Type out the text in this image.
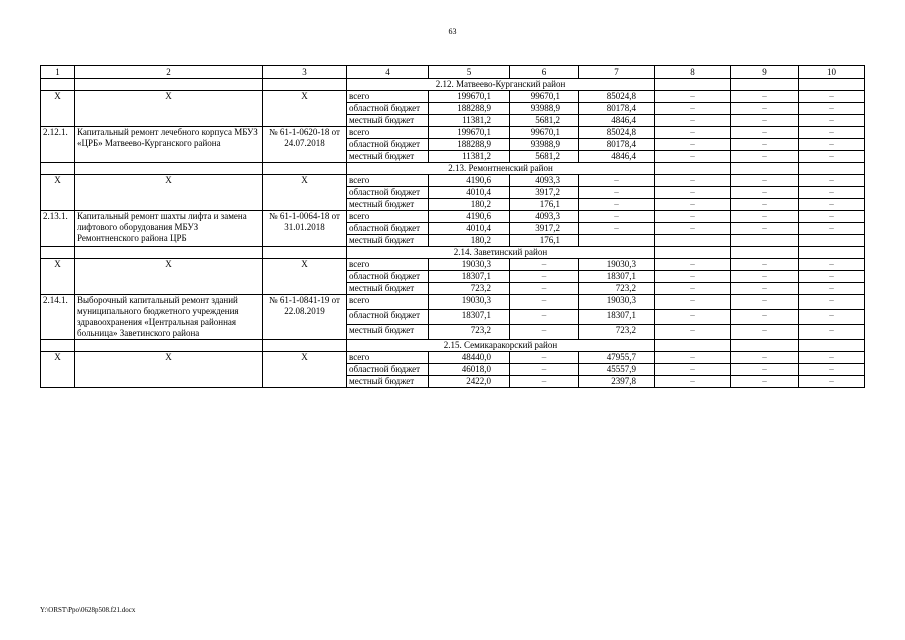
63
1	2	3	4	5	6	7	8	9	10
			2.12. Матвеево-Курганский район						
Х	Х	Х	всего	199670,1	99670,1	85024,8	–	–	–
			областной бюджет	188288,9	93988,9	80178,4	–	–	–
			местный бюджет	11381,2	5681,2	4846,4	–	–	–
2.12.1.	Капитальный ремонт лечебного корпуса МБУЗ «ЦРБ» Матвеево-Курганского района	№ 61-1-0620-18 от 24.07.2018	всего	199670,1	99670,1	85024,8	–	–	–
			областной бюджет	188288,9	93988,9	80178,4	–	–	–
			местный бюджет	11381,2	5681,2	4846,4	–	–	–
			2.13. Ремонтненский район						
Х	Х	Х	всего	4190,6	4093,3	–	–	–	–
			областной бюджет	4010,4	3917,2	–	–	–	–
			местный бюджет	180,2	176,1	–	–	–	–
2.13.1.	Капитальный ремонт шахты лифта и замена лифтового оборудования МБУЗ Ремонтненского района ЦРБ	№ 61-1-0064-18 от 31.01.2018	всего	4190,6	4093,3	–	–	–	–
			областной бюджет	4010,4	3917,2	–	–	–	–
			местный бюджет	180,2	176,1				
			2.14. Заветинский район						
Х	Х	Х	всего	19030,3	–	19030,3	–	–	–
			областной бюджет	18307,1	–	18307,1	–	–	–
			местный бюджет	723,2	–	723,2	–	–	–
2.14.1.	Выборочный капитальный ремонт зданий муниципального бюджетного учреждения здравоохранения «Центральная районная больница» Заветинского района	№ 61-1-0841-19 от 22.08.2019	всего	19030,3	–	19030,3	–	–	–
			областной бюджет	18307,1	–	18307,1	–	–	–
			местный бюджет	723,2	–	723,2	–	–	–
			2.15. Семикаракорский район						
Х	Х	Х	всего	48440,0	–	47955,7	–	–	–
			областной бюджет	46018,0	–	45557,9	–	–	–
			местный бюджет	2422,0	–	2397,8	–	–	–
Y:\ORST\Ppo\0628p508.f21.docx
